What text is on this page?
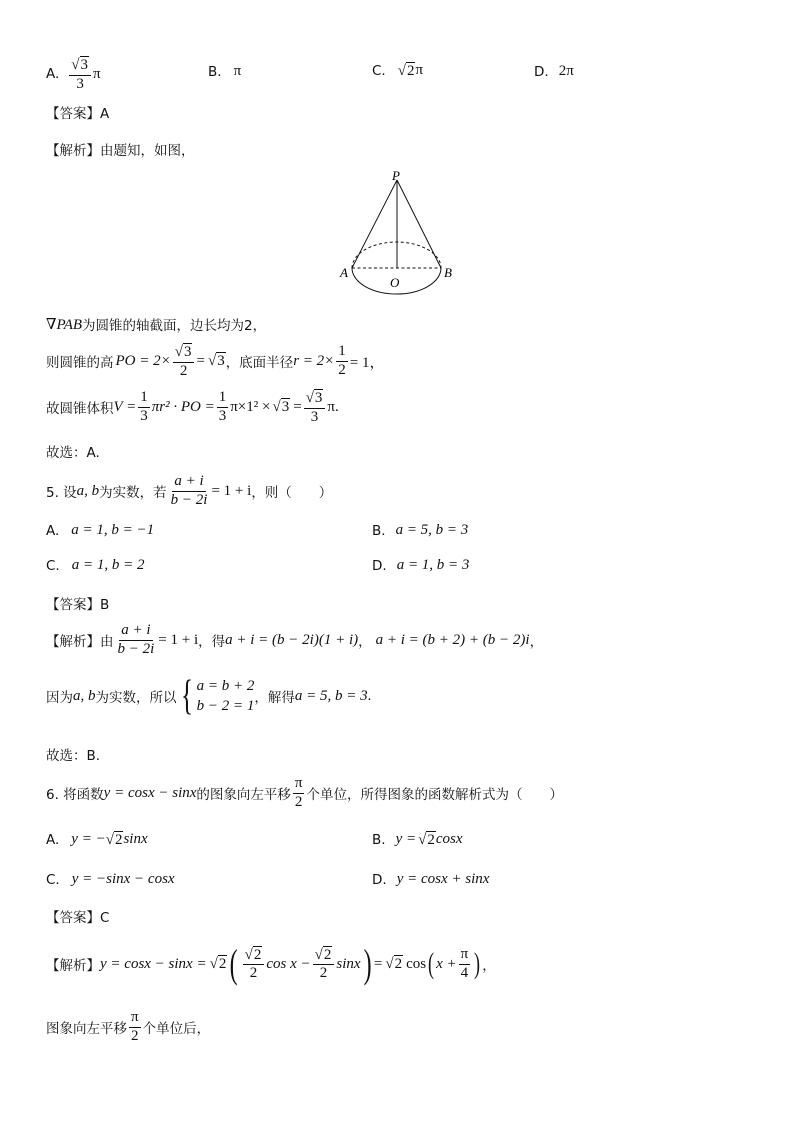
A. $\frac{√ 3}{3}$ π	B. π	C. √ 2 π	D. 2π
【答案】A
【解析】由题知，如图，
P
A	B
O
∇PAB 为圆锥的轴截面，边长均为2，
则圆锥的高 PO = $2\times \frac{√ 3}{2}$ = √ 3 ，底面半径 $r = 2\times \frac{1}{2} = 1$，
故圆锥体积 $V = \frac{1}{3} \pi r^2$ · PO = $\frac{1}{3} \pi\times 1^2$ × √ $3 = \frac{√ 3}{3} \pi$.
故选：A.
5. 设 a, b 为实数，若 $\frac{a + i}{b - 2i} = 1 + i$ ，则（　　）
A. a = 1, b = −1	B. a = 5, b = 3
C. a = 1, b = 2	D. a = 1, b = 3
【答案】B
【解析】由 $\frac{a + i}{b - 2i} = 1 + i$ ，得 a + i = (b − 2i)(1 + i) ， a + i = (b + 2) + (b − 2)i ，
因为 a, b 为实数，所以 { a = b + 2
b − 2 = 1 ，解得 a = 5, b = 3 .
故选：B.
6. 将函数 y = cosx − sinx 的图象向左平移 $\frac{\pi}{2}$ 个单位，所得图象的函数解析式为（　　）
A. y = − √ 2 sinx	B. y = √ 2 cosx
C. y = −sinx − cosx	D. y = cosx + sinx
【答案】C
【解析】 y = cosx − sinx = √ 2 ( $\frac{√ 2}{2}$ $\cos x - \frac{√ 2}{2}$ sinx ) = √ 2 cos ( $x + \frac{\pi}{4}$ ) ，
图象向左平移 $\frac{\pi}{2}$ 个单位后，
